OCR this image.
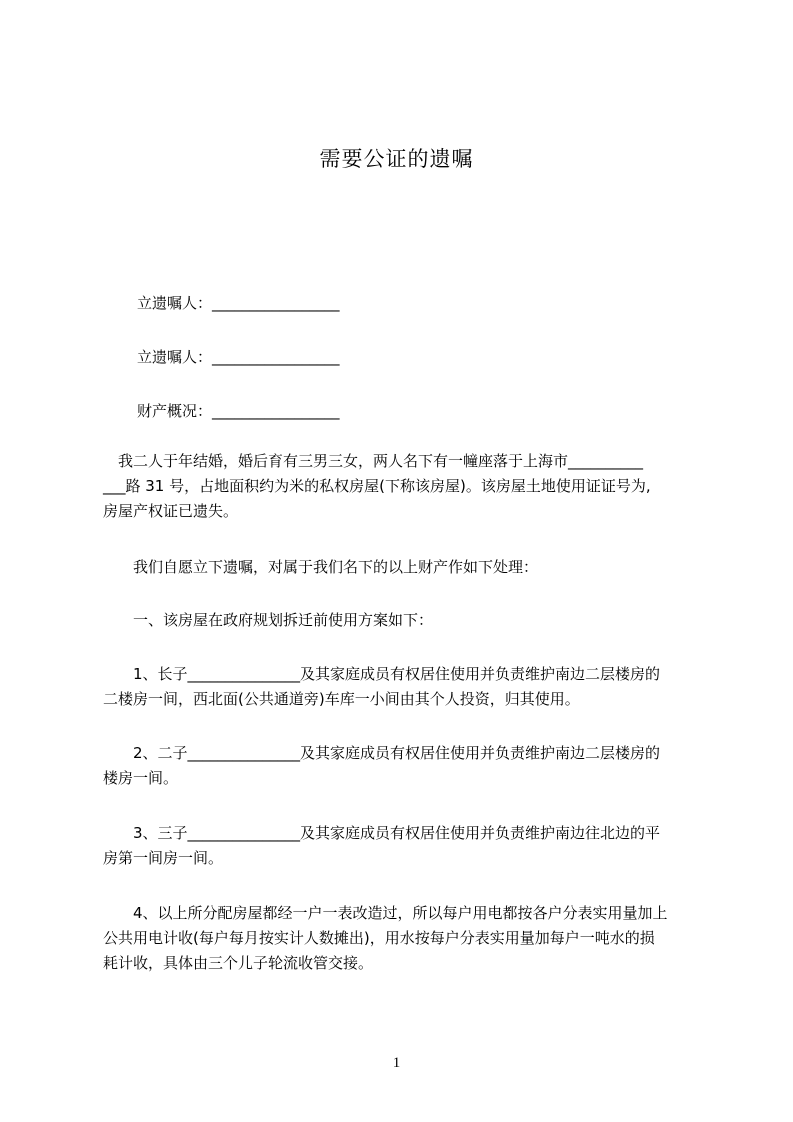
需要公证的遗嘱
立遗嘱人：_________________
立遗嘱人：_________________
财产概况：_________________
　我二人于年结婚，婚后育有三男三女，两人名下有一幢座落于上海市__________
___路 31 号，占地面积约为米的私权房屋(下称该房屋)。该房屋土地使用证证号为,
房屋产权证已遗失。
　　我们自愿立下遗嘱，对属于我们名下的以上财产作如下处理：
　　一、该房屋在政府规划拆迁前使用方案如下：
　　1、长子_______________及其家庭成员有权居住使用并负责维护南边二层楼房的
二楼房一间，西北面(公共通道旁)车库一小间由其个人投资，归其使用。
　　2、二子_______________及其家庭成员有权居住使用并负责维护南边二层楼房的
楼房一间。
　　3、三子_______________及其家庭成员有权居住使用并负责维护南边往北边的平
房第一间房一间。
　　4、以上所分配房屋都经一户一表改造过，所以每户用电都按各户分表实用量加上
公共用电计收(每户每月按实计人数摊出)，用水按每户分表实用量加每户一吨水的损
耗计收，具体由三个儿子轮流收管交接。
1
